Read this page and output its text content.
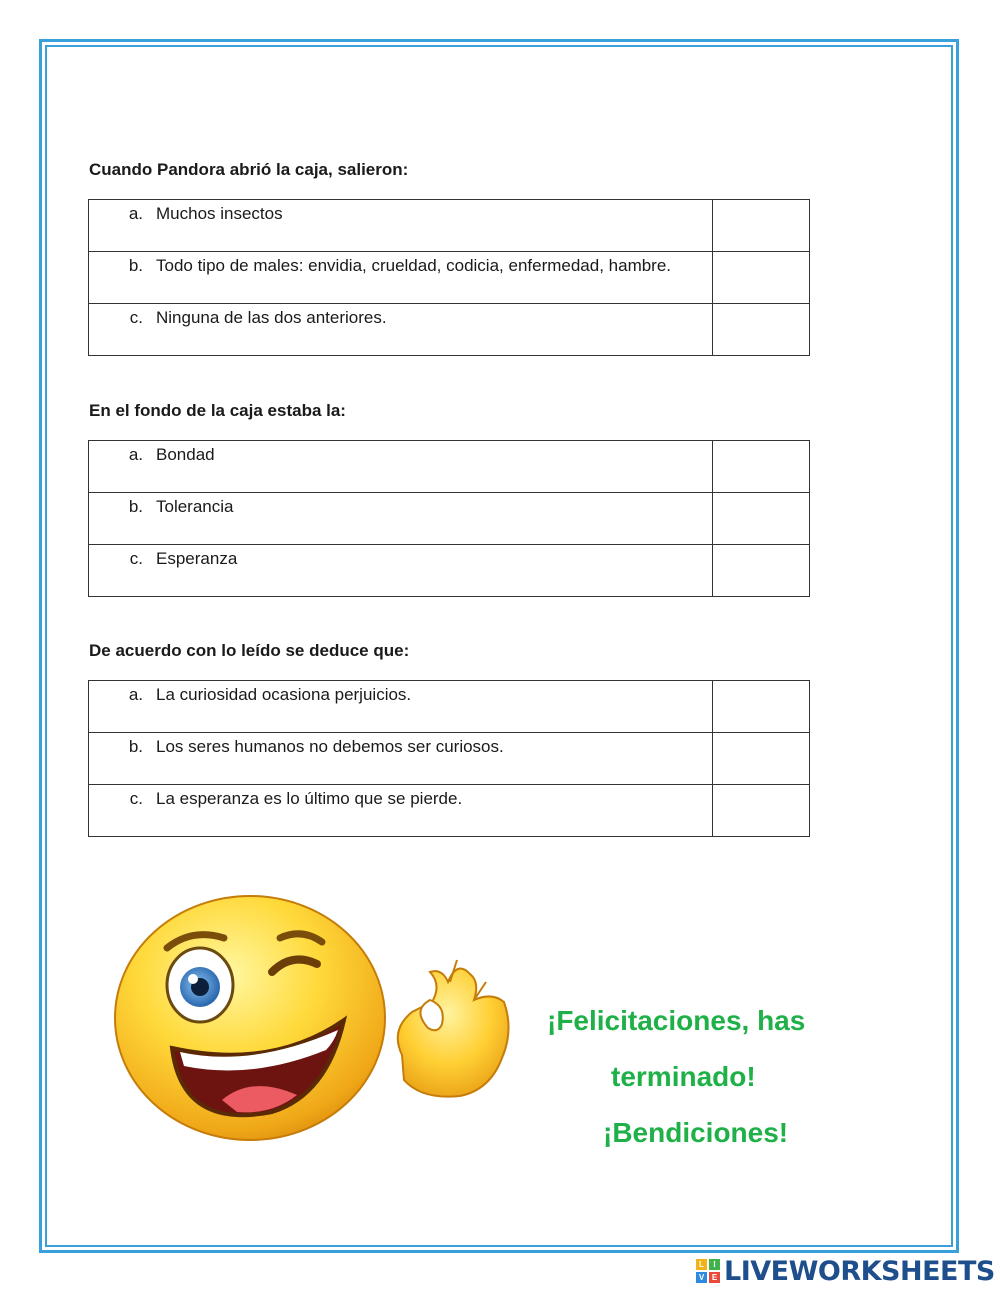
Cuando Pandora abrió la caja, salieron:
a. Muchos insectos	

b. Todo tipo de males: envidia, crueldad, codicia, enfermedad, hambre.	

c. Ninguna de las dos anteriores.	

En el fondo de la caja estaba la:
a. Bondad	

b. Tolerancia	

c. Esperanza	

De acuerdo con lo leído se deduce que:
a. La curiosidad ocasiona perjuicios.	

b. Los seres humanos no debemos ser curiosos.	

c. La esperanza es lo último que se pierde.	

¡Felicitaciones, has
terminado!
¡Bendiciones!
L	I
V E LIVEWORKSHEETS
